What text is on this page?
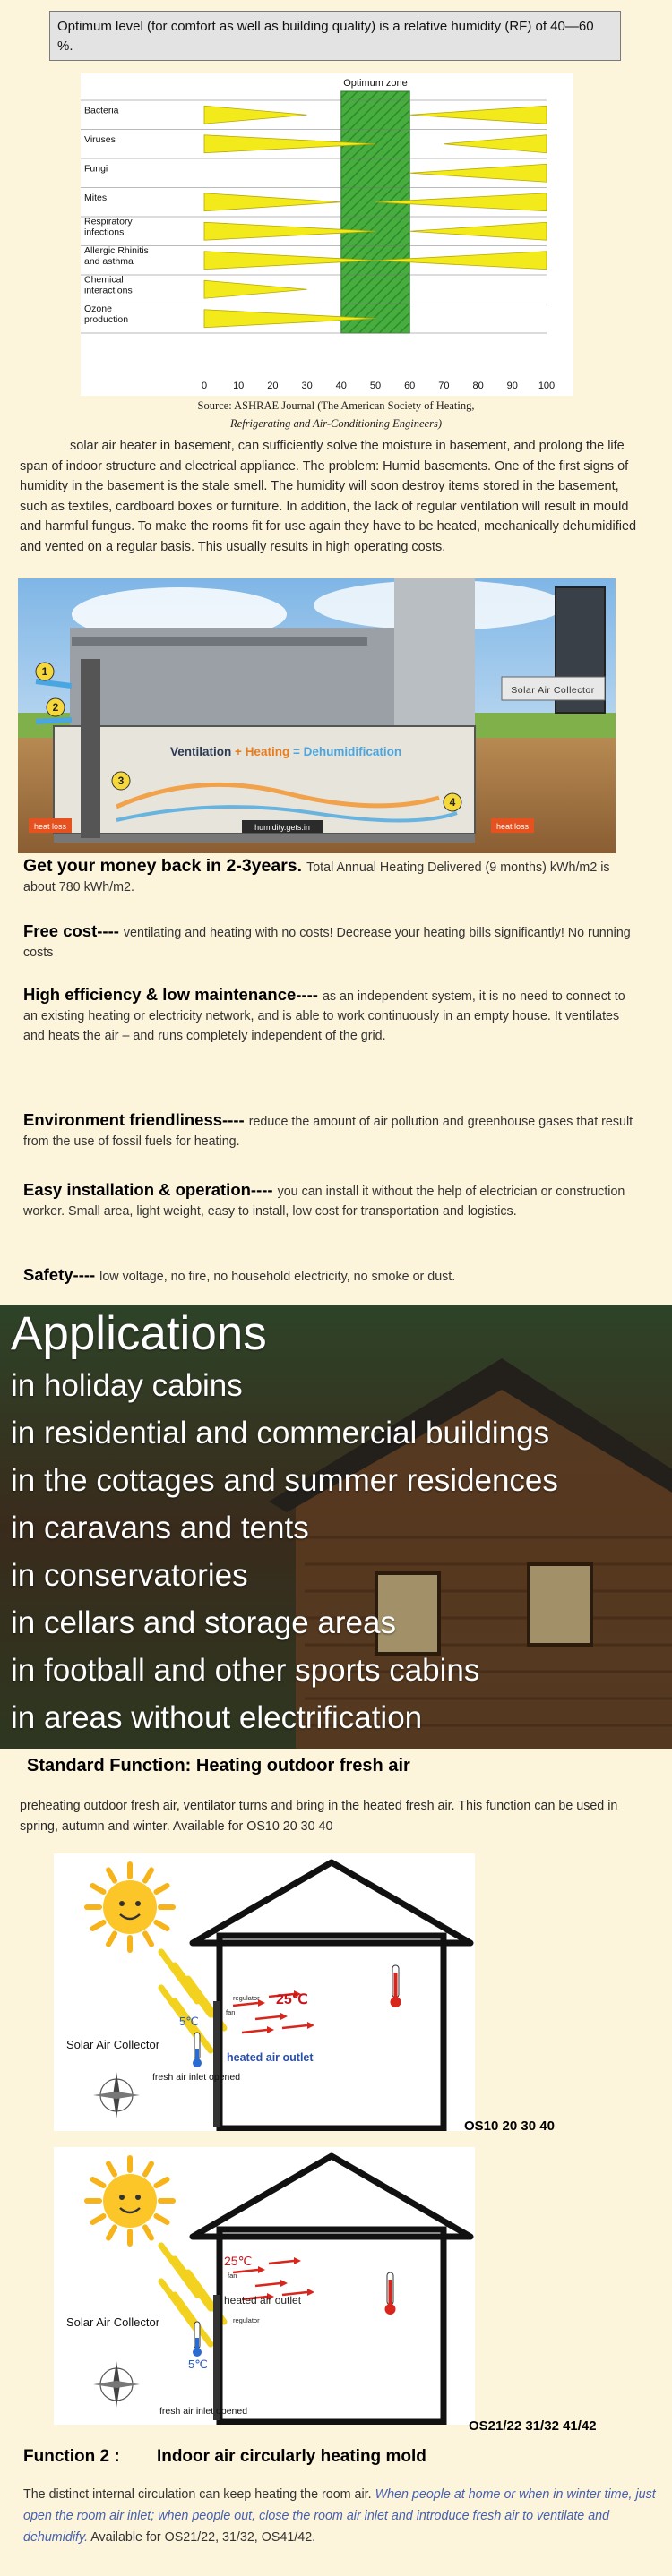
Optimum level (for comfort as well as building quality) is a relative humidity (RF) of 40—60 %.
Optimum zone
Bacteria
Viruses
Fungi
Mites
Respiratory infections
Allergic Rhinitis and asthma
Chemical interactions
Ozone production
0	10 20 30 40 50 60 70 80 90 100
Source: ASHRAE Journal (The American Society of Heating,
Refrigerating and Air-Conditioning Engineers)
solar air heater in basement, can sufficiently solve the moisture in basement, and prolong the life span of indoor structure and electrical appliance. The problem: Humid basements. One of the first signs of humidity in the basement is the stale smell. The humidity will soon destroy items stored in the basement, such as textiles, cardboard boxes or furniture. In addition, the lack of regular ventilation will result in mould and harmful fungus. To make the rooms fit for use again they have to be heated, mechanically dehumidified and vented on a regular basis. This usually results in high operating costs.
Solar Air Collector
Ventilation + Heating = Dehumidification
heat loss	heat loss
humidity.gets.in
1
2
3
4
Get your money back in 2-3years. Total Annual Heating Delivered (9 months) kWh/m2 is about 780 kWh/m2.
Free cost---- ventilating and heating with no costs! Decrease your heating bills significantly! No running costs
High efficiency & low maintenance---- as an independent system, it is no need to connect to an existing heating or electricity network, and is able to work continuously in an empty house. It ventilates and heats the air – and runs completely independent of the grid.
Environment friendliness---- reduce the amount of air pollution and greenhouse gases that result from the use of fossil fuels for heating.
Easy installation & operation---- you can install it without the help of electrician or construction worker. Small area, light weight, easy to install, low cost for transportation and logistics.
Safety---- low voltage, no fire, no household electricity, no smoke or dust.
Applications
in holiday cabins
in residential and commercial buildings
in the cottages and summer residences
in caravans and tents
in conservatories
in cellars and storage areas
in football and other sports cabins
in areas without electrification
Standard Function: Heating outdoor fresh air
preheating outdoor fresh air, ventilator turns and bring in the heated fresh air. This function can be used in spring, autumn and winter. Available for OS10 20 30 40
Solar Air Collector
5℃
25℃
regulator
fan
fresh air inlet opened
heated air outlet
OS10 20 30 40
Solar Air Collector
5℃
25℃
regulator
fan
fresh air inlet opened
heated air outlet
OS21/22 31/32 41/42
Function 2 : Indoor air circularly heating mold
The distinct internal circulation can keep heating the room air. When people at home or when in winter time, just open the room air inlet; when people out, close the room air inlet and introduce fresh air to ventilate and dehumidify. Available for OS21/22, 31/32, OS41/42.
